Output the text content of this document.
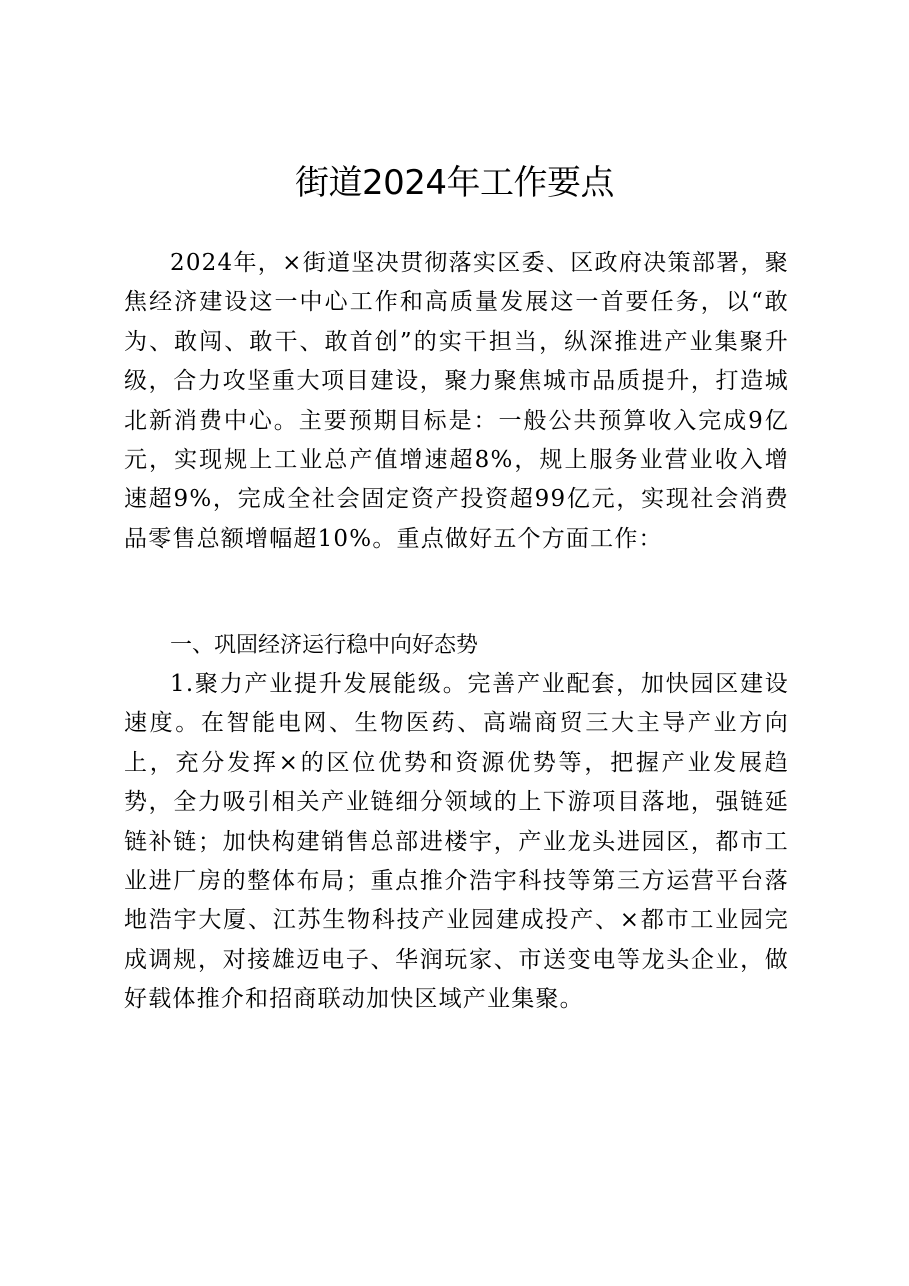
街道2024年工作要点

2024年，×街道坚决贯彻落实区委、区政府决策部署，聚焦经济建设这一中心工作和高质量发展这一首要任务，以“敢为、敢闯、敢干、敢首创”的实干担当，纵深推进产业集聚升级，合力攻坚重大项目建设，聚力聚焦城市品质提升，打造城北新消费中心。主要预期目标是：一般公共预算收入完成9亿元，实现规上工业总产值增速超8%，规上服务业营业收入增速超9%，完成全社会固定资产投资超99亿元，实现社会消费品零售总额增幅超10%。重点做好五个方面工作：

一、巩固经济运行稳中向好态势

1.聚力产业提升发展能级。完善产业配套，加快园区建设速度。在智能电网、生物医药、高端商贸三大主导产业方向上，充分发挥×的区位优势和资源优势等，把握产业发展趋势，全力吸引相关产业链细分领域的上下游项目落地，强链延链补链；加快构建销售总部进楼宇，产业龙头进园区，都市工业进厂房的整体布局；重点推介浩宇科技等第三方运营平台落地浩宇大厦、江苏生物科技产业园建成投产、×都市工业园完成调规，对接雄迈电子、华润玩家、市送变电等龙头企业，做好载体推介和招商联动加快区域产业集聚。
